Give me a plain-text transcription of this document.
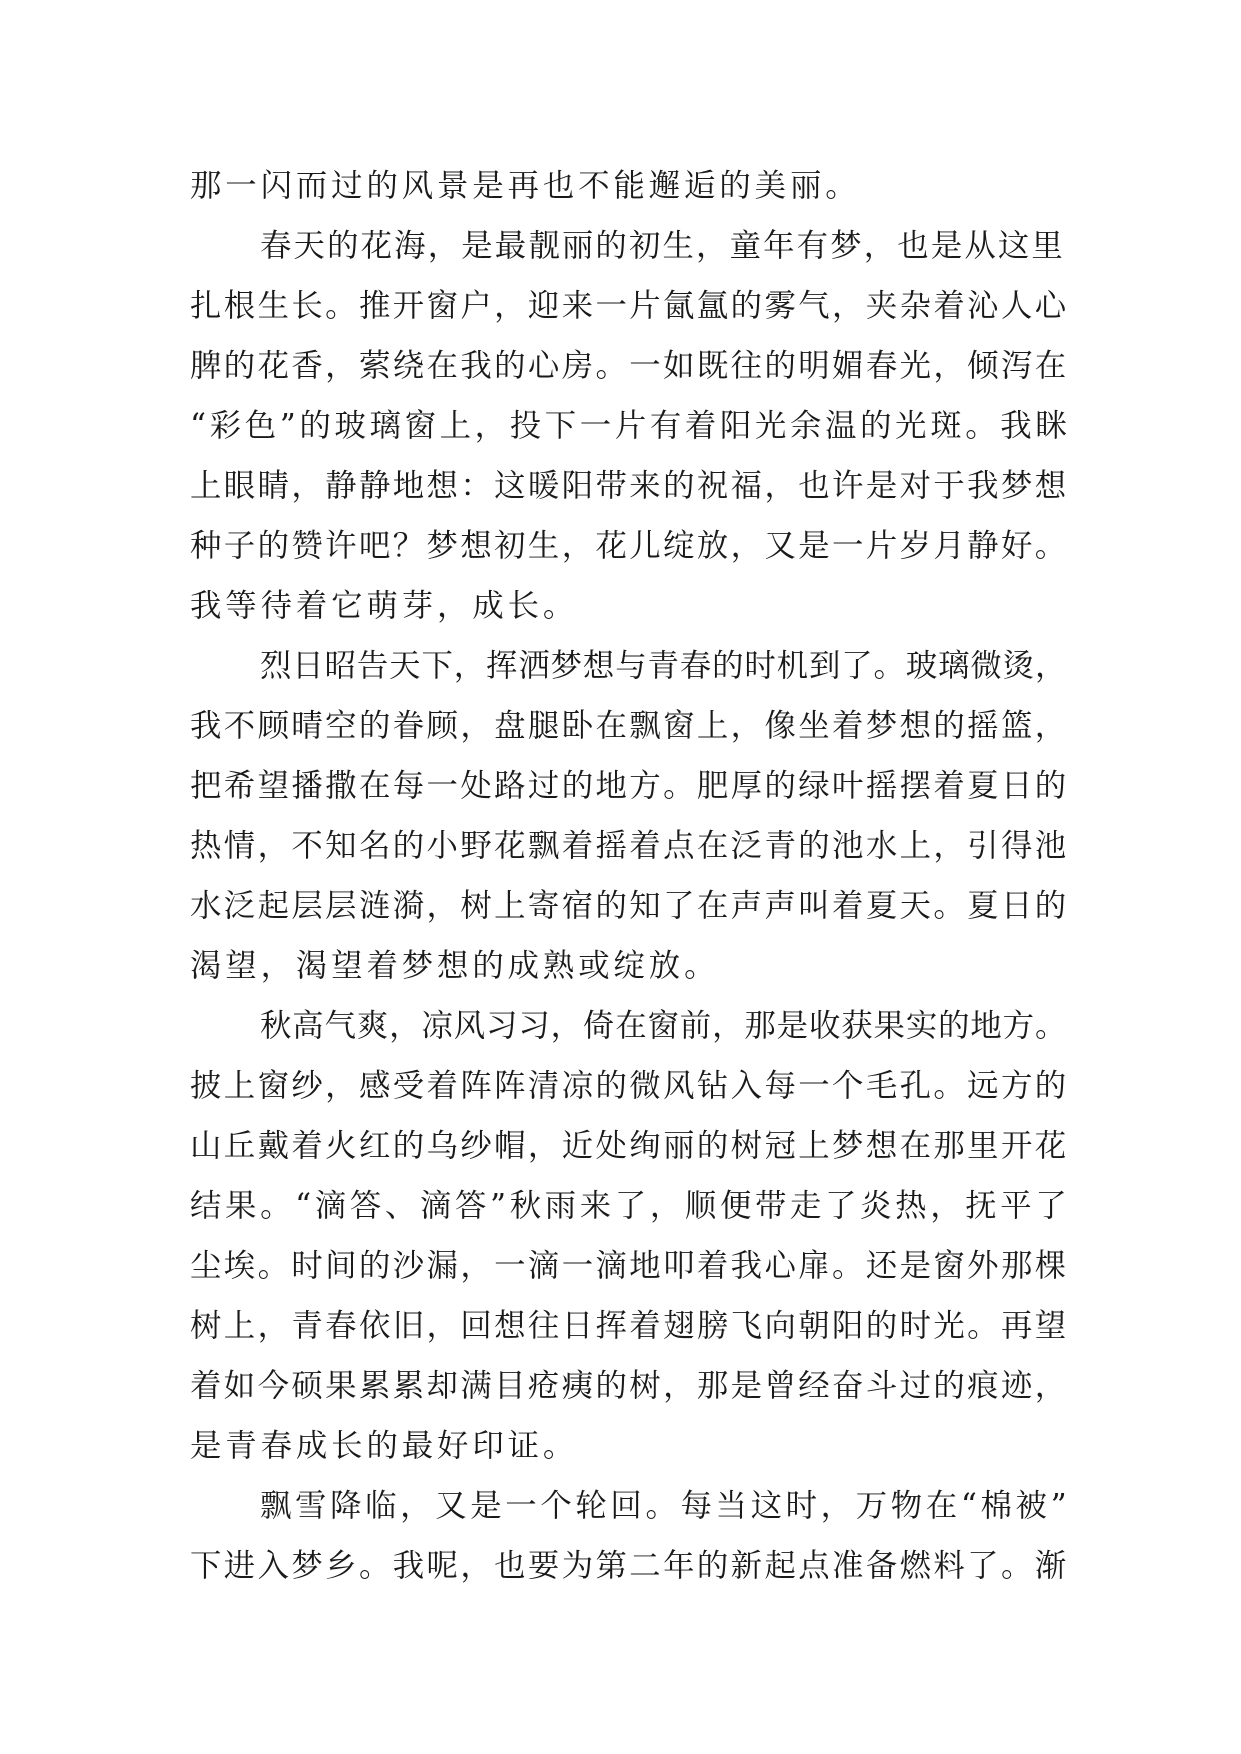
那一闪而过的风景是再也不能邂逅的美丽。
春天的花海，是最靓丽的初生，童年有梦，也是从这里
扎根生长。推开窗户，迎来一片氤氲的雾气，夹杂着沁人心
脾的花香，萦绕在我的心房。一如既往的明媚春光，倾泻在
“彩色”的玻璃窗上，投下一片有着阳光余温的光斑。我眯
上眼睛，静静地想：这暖阳带来的祝福，也许是对于我梦想
种子的赞许吧？梦想初生，花儿绽放，又是一片岁月静好。
我等待着它萌芽，成长。
烈日昭告天下，挥洒梦想与青春的时机到了。玻璃微烫，
我不顾晴空的眷顾，盘腿卧在飘窗上，像坐着梦想的摇篮，
把希望播撒在每一处路过的地方。肥厚的绿叶摇摆着夏日的
热情，不知名的小野花飘着摇着点在泛青的池水上，引得池
水泛起层层涟漪，树上寄宿的知了在声声叫着夏天。夏日的
渴望，渴望着梦想的成熟或绽放。
秋高气爽，凉风习习，倚在窗前，那是收获果实的地方。
披上窗纱，感受着阵阵清凉的微风钻入每一个毛孔。远方的
山丘戴着火红的乌纱帽，近处绚丽的树冠上梦想在那里开花
结果。“滴答、滴答”秋雨来了，顺便带走了炎热，抚平了
尘埃。时间的沙漏，一滴一滴地叩着我心扉。还是窗外那棵
树上，青春依旧，回想往日挥着翅膀飞向朝阳的时光。再望
着如今硕果累累却满目疮痍的树，那是曾经奋斗过的痕迹，
是青春成长的最好印证。
飘雪降临，又是一个轮回。每当这时，万物在“棉被”
下进入梦乡。我呢，也要为第二年的新起点准备燃料了。渐
